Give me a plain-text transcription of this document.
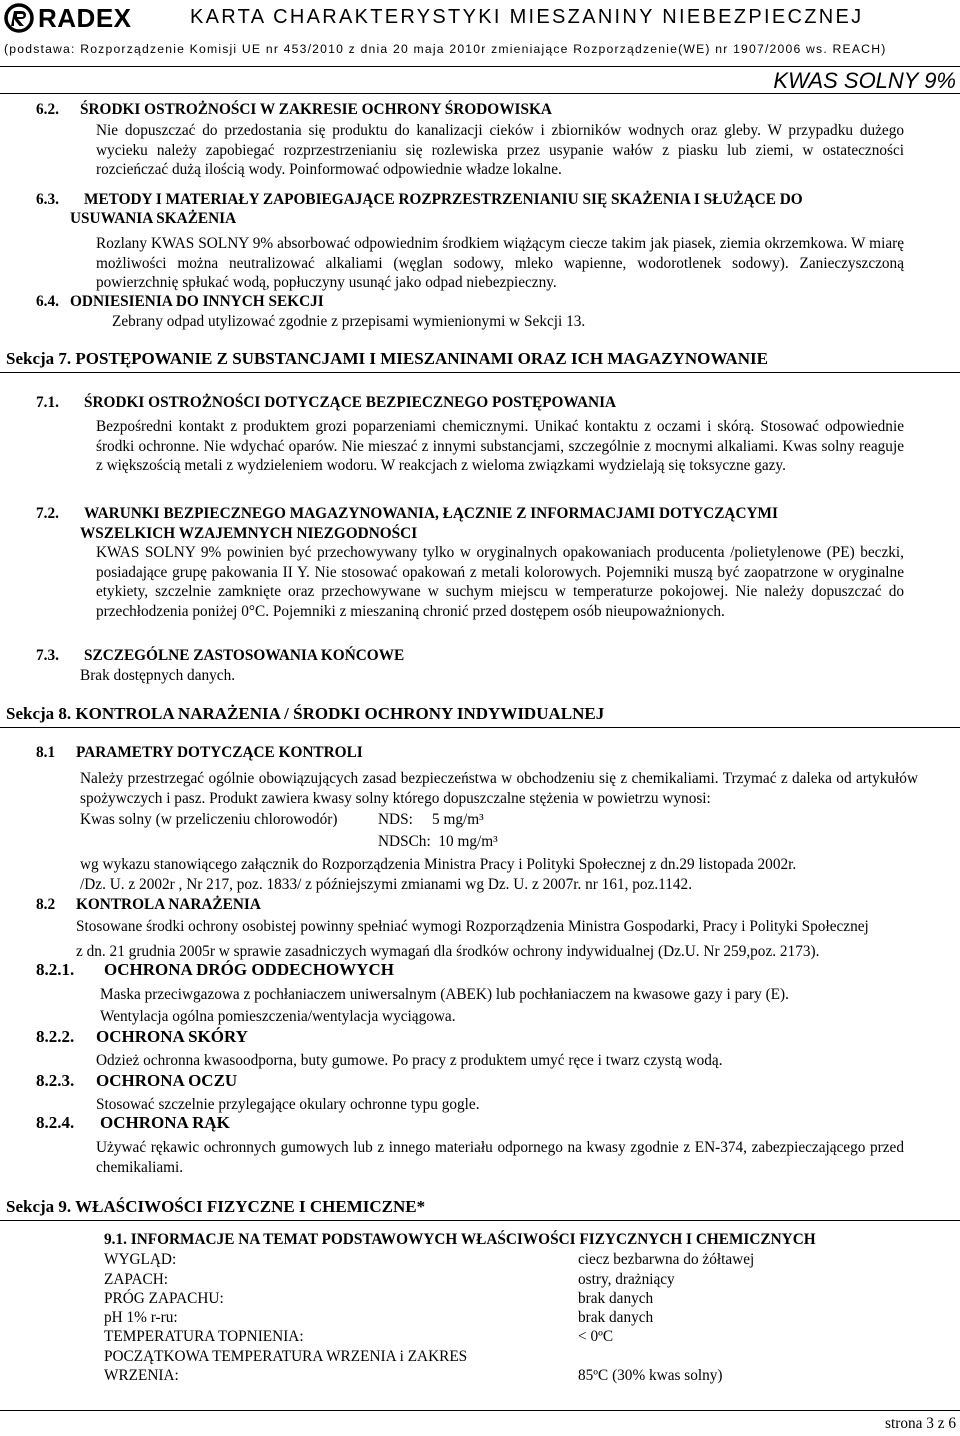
RADEX	KARTA CHARAKTERYSTYKI MIESZANINY NIEBEZPIECZNEJ
(podstawa: Rozporządzenie Komisji UE nr 453/2010 z dnia 20 maja 2010r zmieniające Rozporządzenie(WE) nr 1907/2006 ws. REACH)
KWAS SOLNY 9%
6.2. ŚRODKI OSTROŻNOŚCI W ZAKRESIE OCHRONY ŚRODOWISKA
Nie dopuszczać do przedostania się produktu do kanalizacji cieków i zbiorników wodnych oraz gleby. W przypadku dużego wycieku należy zapobiegać rozprzestrzenianiu się rozlewiska przez usypanie wałów z piasku lub ziemi, w ostateczności rozcieńczać dużą ilością wody. Poinformować odpowiednie władze lokalne.
6.3. METODY I MATERIAŁY ZAPOBIEGAJĄCE ROZPRZESTRZENIANIU SIĘ SKAŻENIA I SŁUŻĄCE DO
USUWANIA SKAŻENIA
Rozlany KWAS SOLNY 9% absorbować odpowiednim środkiem wiążącym ciecze takim jak piasek, ziemia okrzemkowa. W miarę możliwości można neutralizować alkaliami (węglan sodowy, mleko wapienne, wodorotlenek sodowy). Zanieczyszczoną powierzchnię spłukać wodą, popłuczyny usunąć jako odpad niebezpieczny.
6.4. ODNIESIENIA DO INNYCH SEKCJI
Zebrany odpad utylizować zgodnie z przepisami wymienionymi w Sekcji 13.
Sekcja 7. POSTĘPOWANIE Z SUBSTANCJAMI I MIESZANINAMI ORAZ ICH MAGAZYNOWANIE
7.1. ŚRODKI OSTROŻNOŚCI DOTYCZĄCE BEZPIECZNEGO POSTĘPOWANIA
Bezpośredni kontakt z produktem grozi poparzeniami chemicznymi. Unikać kontaktu z oczami i skórą. Stosować odpowiednie środki ochronne. Nie wdychać oparów. Nie mieszać z innymi substancjami, szczególnie z mocnymi alkaliami. Kwas solny reaguje z większością metali z wydzieleniem wodoru. W reakcjach z wieloma związkami wydzielają się toksyczne gazy.
7.2. WARUNKI BEZPIECZNEGO MAGAZYNOWANIA, ŁĄCZNIE Z INFORMACJAMI DOTYCZĄCYMI
WSZELKICH WZAJEMNYCH NIEZGODNOŚCI
KWAS SOLNY 9% powinien być przechowywany tylko w oryginalnych opakowaniach producenta /polietylenowe (PE) beczki, posiadające grupę pakowania II Y. Nie stosować opakowań z metali kolorowych. Pojemniki muszą być zaopatrzone w oryginalne etykiety, szczelnie zamknięte oraz przechowywane w suchym miejscu w temperaturze pokojowej. Nie należy dopuszczać do przechłodzenia poniżej 0°C. Pojemniki z mieszaniną chronić przed dostępem osób nieupoważnionych.
7.3. SZCZEGÓLNE ZASTOSOWANIA KOŃCOWE
Brak dostępnych danych.
Sekcja 8. KONTROLA NARAŻENIA / ŚRODKI OCHRONY INDYWIDUALNEJ
8.1 PARAMETRY DOTYCZĄCE KONTROLI
Należy przestrzegać ogólnie obowiązujących zasad bezpieczeństwa w obchodzeniu się z chemikaliami. Trzymać z daleka od artykułów spożywczych i pasz. Produkt zawiera kwasy solny którego dopuszczalne stężenia w powietrzu wynosi:
Kwas solny (w przeliczeniu chlorowodór)	NDS:     5 mg/m³
NDSCh:  10 mg/m³
wg wykazu stanowiącego załącznik do Rozporządzenia Ministra Pracy i Polityki Społecznej z dn.29 listopada 2002r.
/Dz. U. z 2002r , Nr 217, poz. 1833/ z późniejszymi zmianami wg Dz. U. z 2007r. nr 161, poz.1142.
8.2 KONTROLA NARAŻENIA
Stosowane środki ochrony osobistej powinny spełniać wymogi Rozporządzenia Ministra Gospodarki, Pracy i Polityki Społecznej
z dn. 21 grudnia 2005r w sprawie zasadniczych wymagań dla środków ochrony indywidualnej (Dz.U. Nr 259,poz. 2173).
8.2.1. OCHRONA DRÓG ODDECHOWYCH
Maska przeciwgazowa z pochłaniaczem uniwersalnym (ABEK) lub pochłaniaczem na kwasowe gazy i pary (E).
Wentylacja ogólna pomieszczenia/wentylacja wyciągowa.
8.2.2. OCHRONA SKÓRY
Odzież ochronna kwasoodporna, buty gumowe. Po pracy z produktem umyć ręce i twarz czystą wodą.
8.2.3. OCHRONA OCZU
Stosować szczelnie przylegające okulary ochronne typu gogle.
8.2.4. OCHRONA RĄK
Używać rękawic ochronnych gumowych lub z innego materiału odpornego na kwasy zgodnie z EN-374, zabezpieczającego przed chemikaliami.
Sekcja 9. WŁAŚCIWOŚCI FIZYCZNE I CHEMICZNE*
9.1. INFORMACJE NA TEMAT PODSTAWOWYCH WŁAŚCIWOŚCI FIZYCZNYCH I CHEMICZNYCH
WYGLĄD:	ciecz bezbarwna do żółtawej
ZAPACH:	ostry, drażniący
PRÓG ZAPACHU:	brak danych
pH 1% r-ru:	brak danych
TEMPERATURA TOPNIENIA:	< 0ºC
POCZĄTKOWA TEMPERATURA WRZENIA i ZAKRES
WRZENIA:	85ºC (30% kwas solny)
strona 3 z 6
